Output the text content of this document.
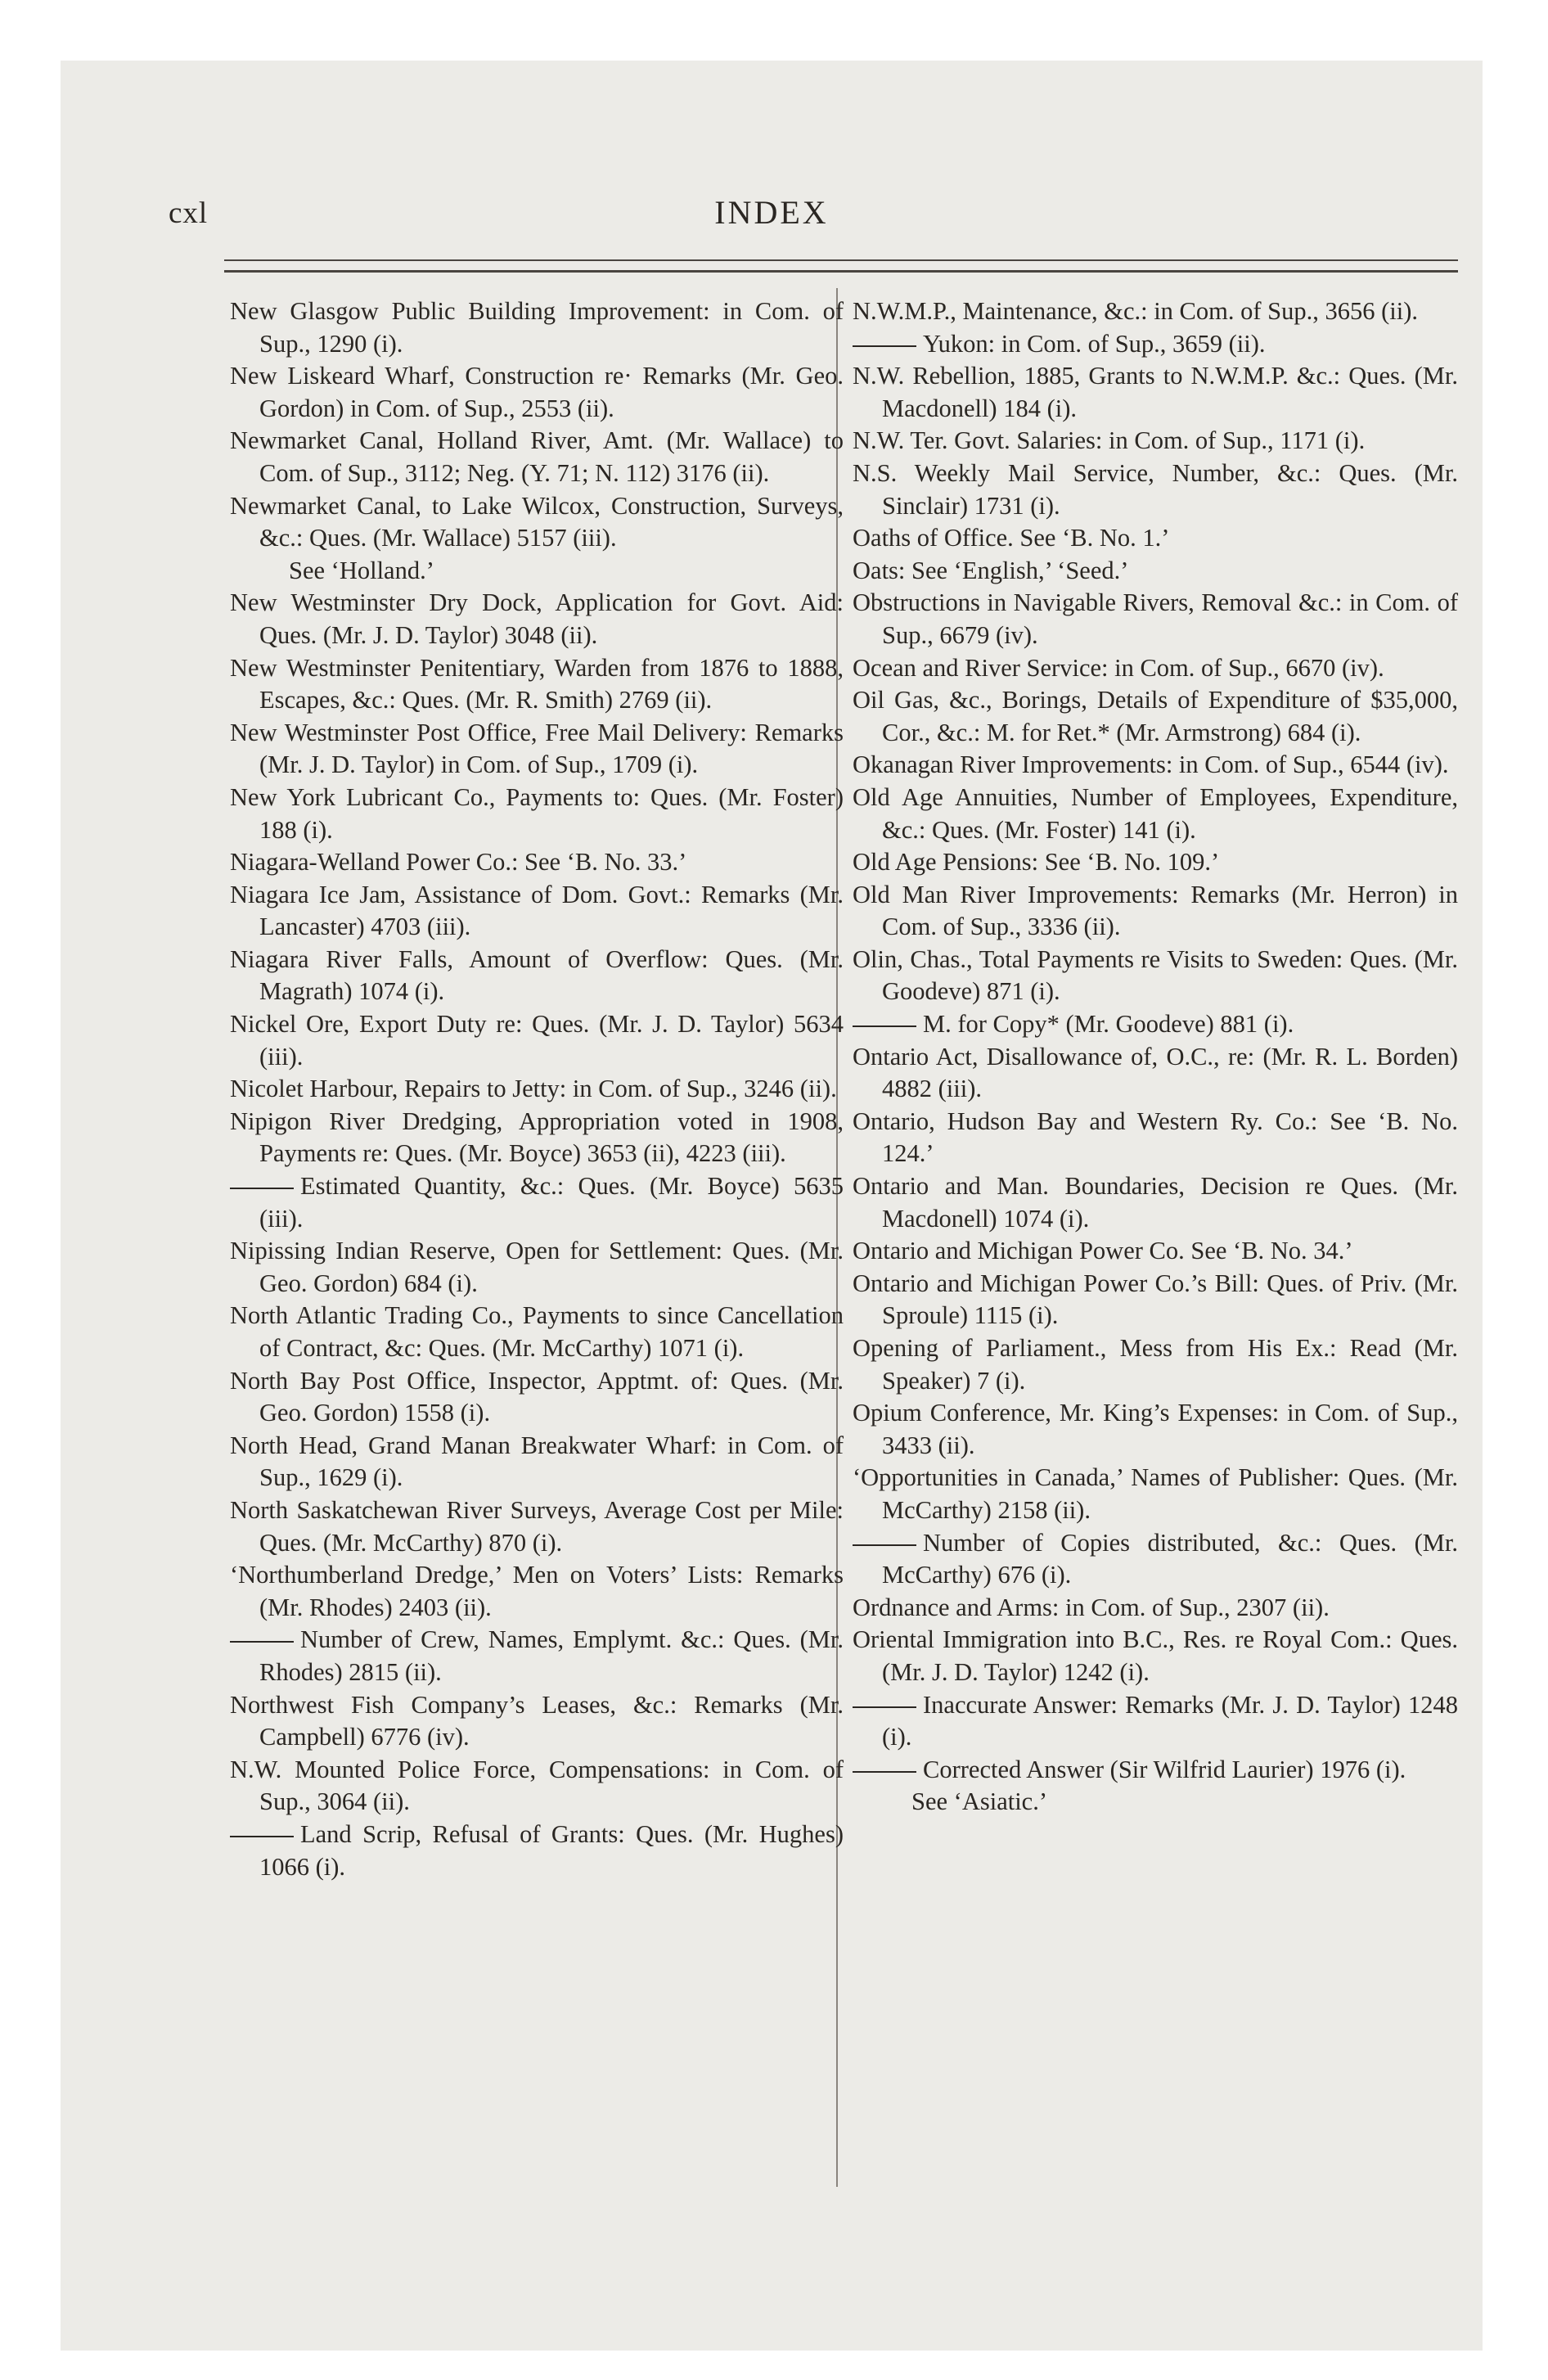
cxl	INDEX

New Glasgow Public Building Improvement: in Com. of Sup., 1290 (i).

New Liskeard Wharf, Construction re· Remarks (Mr. Geo. Gordon) in Com. of Sup., 2553 (ii).

Newmarket Canal, Holland River, Amt. (Mr. Wallace) to Com. of Sup., 3112; Neg. (Y. 71; N. 112) 3176 (ii).

Newmarket Canal, to Lake Wilcox, Construction, Surveys, &c.: Ques. (Mr. Wallace) 5157 (iii).

See ‘Holland.’

New Westminster Dry Dock, Application for Govt. Aid: Ques. (Mr. J. D. Taylor) 3048 (ii).

New Westminster Penitentiary, Warden from 1876 to 1888, Escapes, &c.: Ques. (Mr. R. Smith) 2769 (ii).

New Westminster Post Office, Free Mail Delivery: Remarks (Mr. J. D. Taylor) in Com. of Sup., 1709 (i).

New York Lubricant Co., Payments to: Ques. (Mr. Foster) 188 (i).

Niagara-Welland Power Co.: See ‘B. No. 33.’

Niagara Ice Jam, Assistance of Dom. Govt.: Remarks (Mr. Lancaster) 4703 (iii).

Niagara River Falls, Amount of Overflow: Ques. (Mr. Magrath) 1074 (i).

Nickel Ore, Export Duty re: Ques. (Mr. J. D. Taylor) 5634 (iii).

Nicolet Harbour, Repairs to Jetty: in Com. of Sup., 3246 (ii).

Nipigon River Dredging, Appropriation voted in 1908, Payments re: Ques. (Mr. Boyce) 3653 (ii), 4223 (iii).

Estimated Quantity, &c.: Ques. (Mr. Boyce) 5635 (iii).

Nipissing Indian Reserve, Open for Settlement: Ques. (Mr. Geo. Gordon) 684 (i).

North Atlantic Trading Co., Payments to since Cancellation of Contract, &c: Ques. (Mr. McCarthy) 1071 (i).

North Bay Post Office, Inspector, Apptmt. of: Ques. (Mr. Geo. Gordon) 1558 (i).

North Head, Grand Manan Breakwater Wharf: in Com. of Sup., 1629 (i).

North Saskatchewan River Surveys, Average Cost per Mile: Ques. (Mr. McCarthy) 870 (i).

‘Northumberland Dredge,’ Men on Voters’ Lists: Remarks (Mr. Rhodes) 2403 (ii).

Number of Crew, Names, Emplymt. &c.: Ques. (Mr. Rhodes) 2815 (ii).

Northwest Fish Company’s Leases, &c.: Remarks (Mr. Campbell) 6776 (iv).

N.W. Mounted Police Force, Compensations: in Com. of Sup., 3064 (ii).

Land Scrip, Refusal of Grants: Ques. (Mr. Hughes) 1066 (i).

N.W.M.P., Maintenance, &c.: in Com. of Sup., 3656 (ii).

Yukon: in Com. of Sup., 3659 (ii).

N.W. Rebellion, 1885, Grants to N.W.M.P. &c.: Ques. (Mr. Macdonell) 184 (i).

N.W. Ter. Govt. Salaries: in Com. of Sup., 1171 (i).

N.S. Weekly Mail Service, Number, &c.: Ques. (Mr. Sinclair) 1731 (i).

Oaths of Office. See ‘B. No. 1.’

Oats: See ‘English,’ ‘Seed.’

Obstructions in Navigable Rivers, Removal &c.: in Com. of Sup., 6679 (iv).

Ocean and River Service: in Com. of Sup., 6670 (iv).

Oil Gas, &c., Borings, Details of Expenditure of $35,000, Cor., &c.: M. for Ret.* (Mr. Armstrong) 684 (i).

Okanagan River Improvements: in Com. of Sup., 6544 (iv).

Old Age Annuities, Number of Employees, Expenditure, &c.: Ques. (Mr. Foster) 141 (i).

Old Age Pensions: See ‘B. No. 109.’

Old Man River Improvements: Remarks (Mr. Herron) in Com. of Sup., 3336 (ii).

Olin, Chas., Total Payments re Visits to Sweden: Ques. (Mr. Goodeve) 871 (i).

M. for Copy* (Mr. Goodeve) 881 (i).

Ontario Act, Disallowance of, O.C., re: (Mr. R. L. Borden) 4882 (iii).

Ontario, Hudson Bay and Western Ry. Co.: See ‘B. No. 124.’

Ontario and Man. Boundaries, Decision re Ques. (Mr. Macdonell) 1074 (i).

Ontario and Michigan Power Co. See ‘B. No. 34.’

Ontario and Michigan Power Co.’s Bill: Ques. of Priv. (Mr. Sproule) 1115 (i).

Opening of Parliament., Mess from His Ex.: Read (Mr. Speaker) 7 (i).

Opium Conference, Mr. King’s Expenses: in Com. of Sup., 3433 (ii).

‘Opportunities in Canada,’ Names of Publisher: Ques. (Mr. McCarthy) 2158 (ii).

Number of Copies distributed, &c.: Ques. (Mr. McCarthy) 676 (i).

Ordnance and Arms: in Com. of Sup., 2307 (ii).

Oriental Immigration into B.C., Res. re Royal Com.: Ques. (Mr. J. D. Taylor) 1242 (i).

Inaccurate Answer: Remarks (Mr. J. D. Taylor) 1248 (i).

Corrected Answer (Sir Wilfrid Laurier) 1976 (i).

See ‘Asiatic.’
